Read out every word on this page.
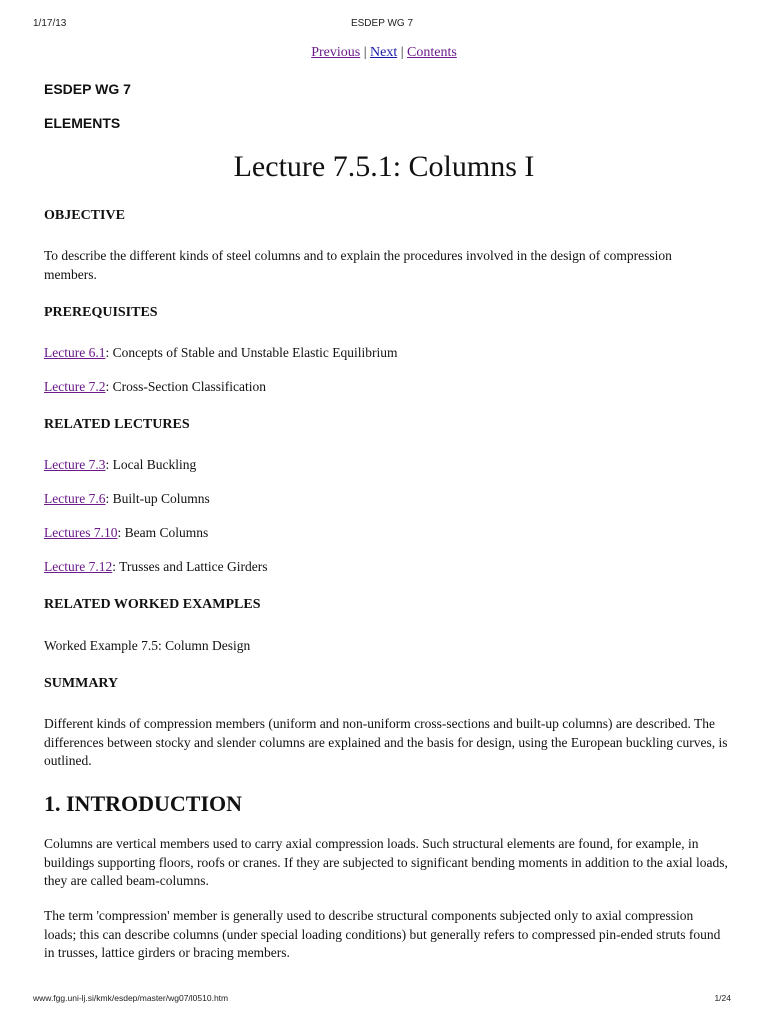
1/17/13	ESDEP WG 7
Previous | Next | Contents
ESDEP WG 7
ELEMENTS
Lecture 7.5.1: Columns I
OBJECTIVE

To describe the different kinds of steel columns and to explain the procedures involved in the design of compression members.

PREREQUISITES

Lecture 6.1: Concepts of Stable and Unstable Elastic Equilibrium

Lecture 7.2: Cross-Section Classification

RELATED LECTURES

Lecture 7.3: Local Buckling

Lecture 7.6: Built-up Columns

Lectures 7.10: Beam Columns

Lecture 7.12: Trusses and Lattice Girders

RELATED WORKED EXAMPLES

Worked Example 7.5: Column Design

SUMMARY

Different kinds of compression members (uniform and non-uniform cross-sections and built-up columns) are described. The differences between stocky and slender columns are explained and the basis for design, using the European buckling curves, is outlined.

1. INTRODUCTION

Columns are vertical members used to carry axial compression loads. Such structural elements are found, for example, in buildings supporting floors, roofs or cranes. If they are subjected to significant bending moments in addition to the axial loads, they are called beam-columns.

The term 'compression' member is generally used to describe structural components subjected only to axial compression loads; this can describe columns (under special loading conditions) but generally refers to compressed pin-ended struts found in trusses, lattice girders or bracing members.

www.fgg.uni-lj.si/kmk/esdep/master/wg07/l0510.htm	1/24
